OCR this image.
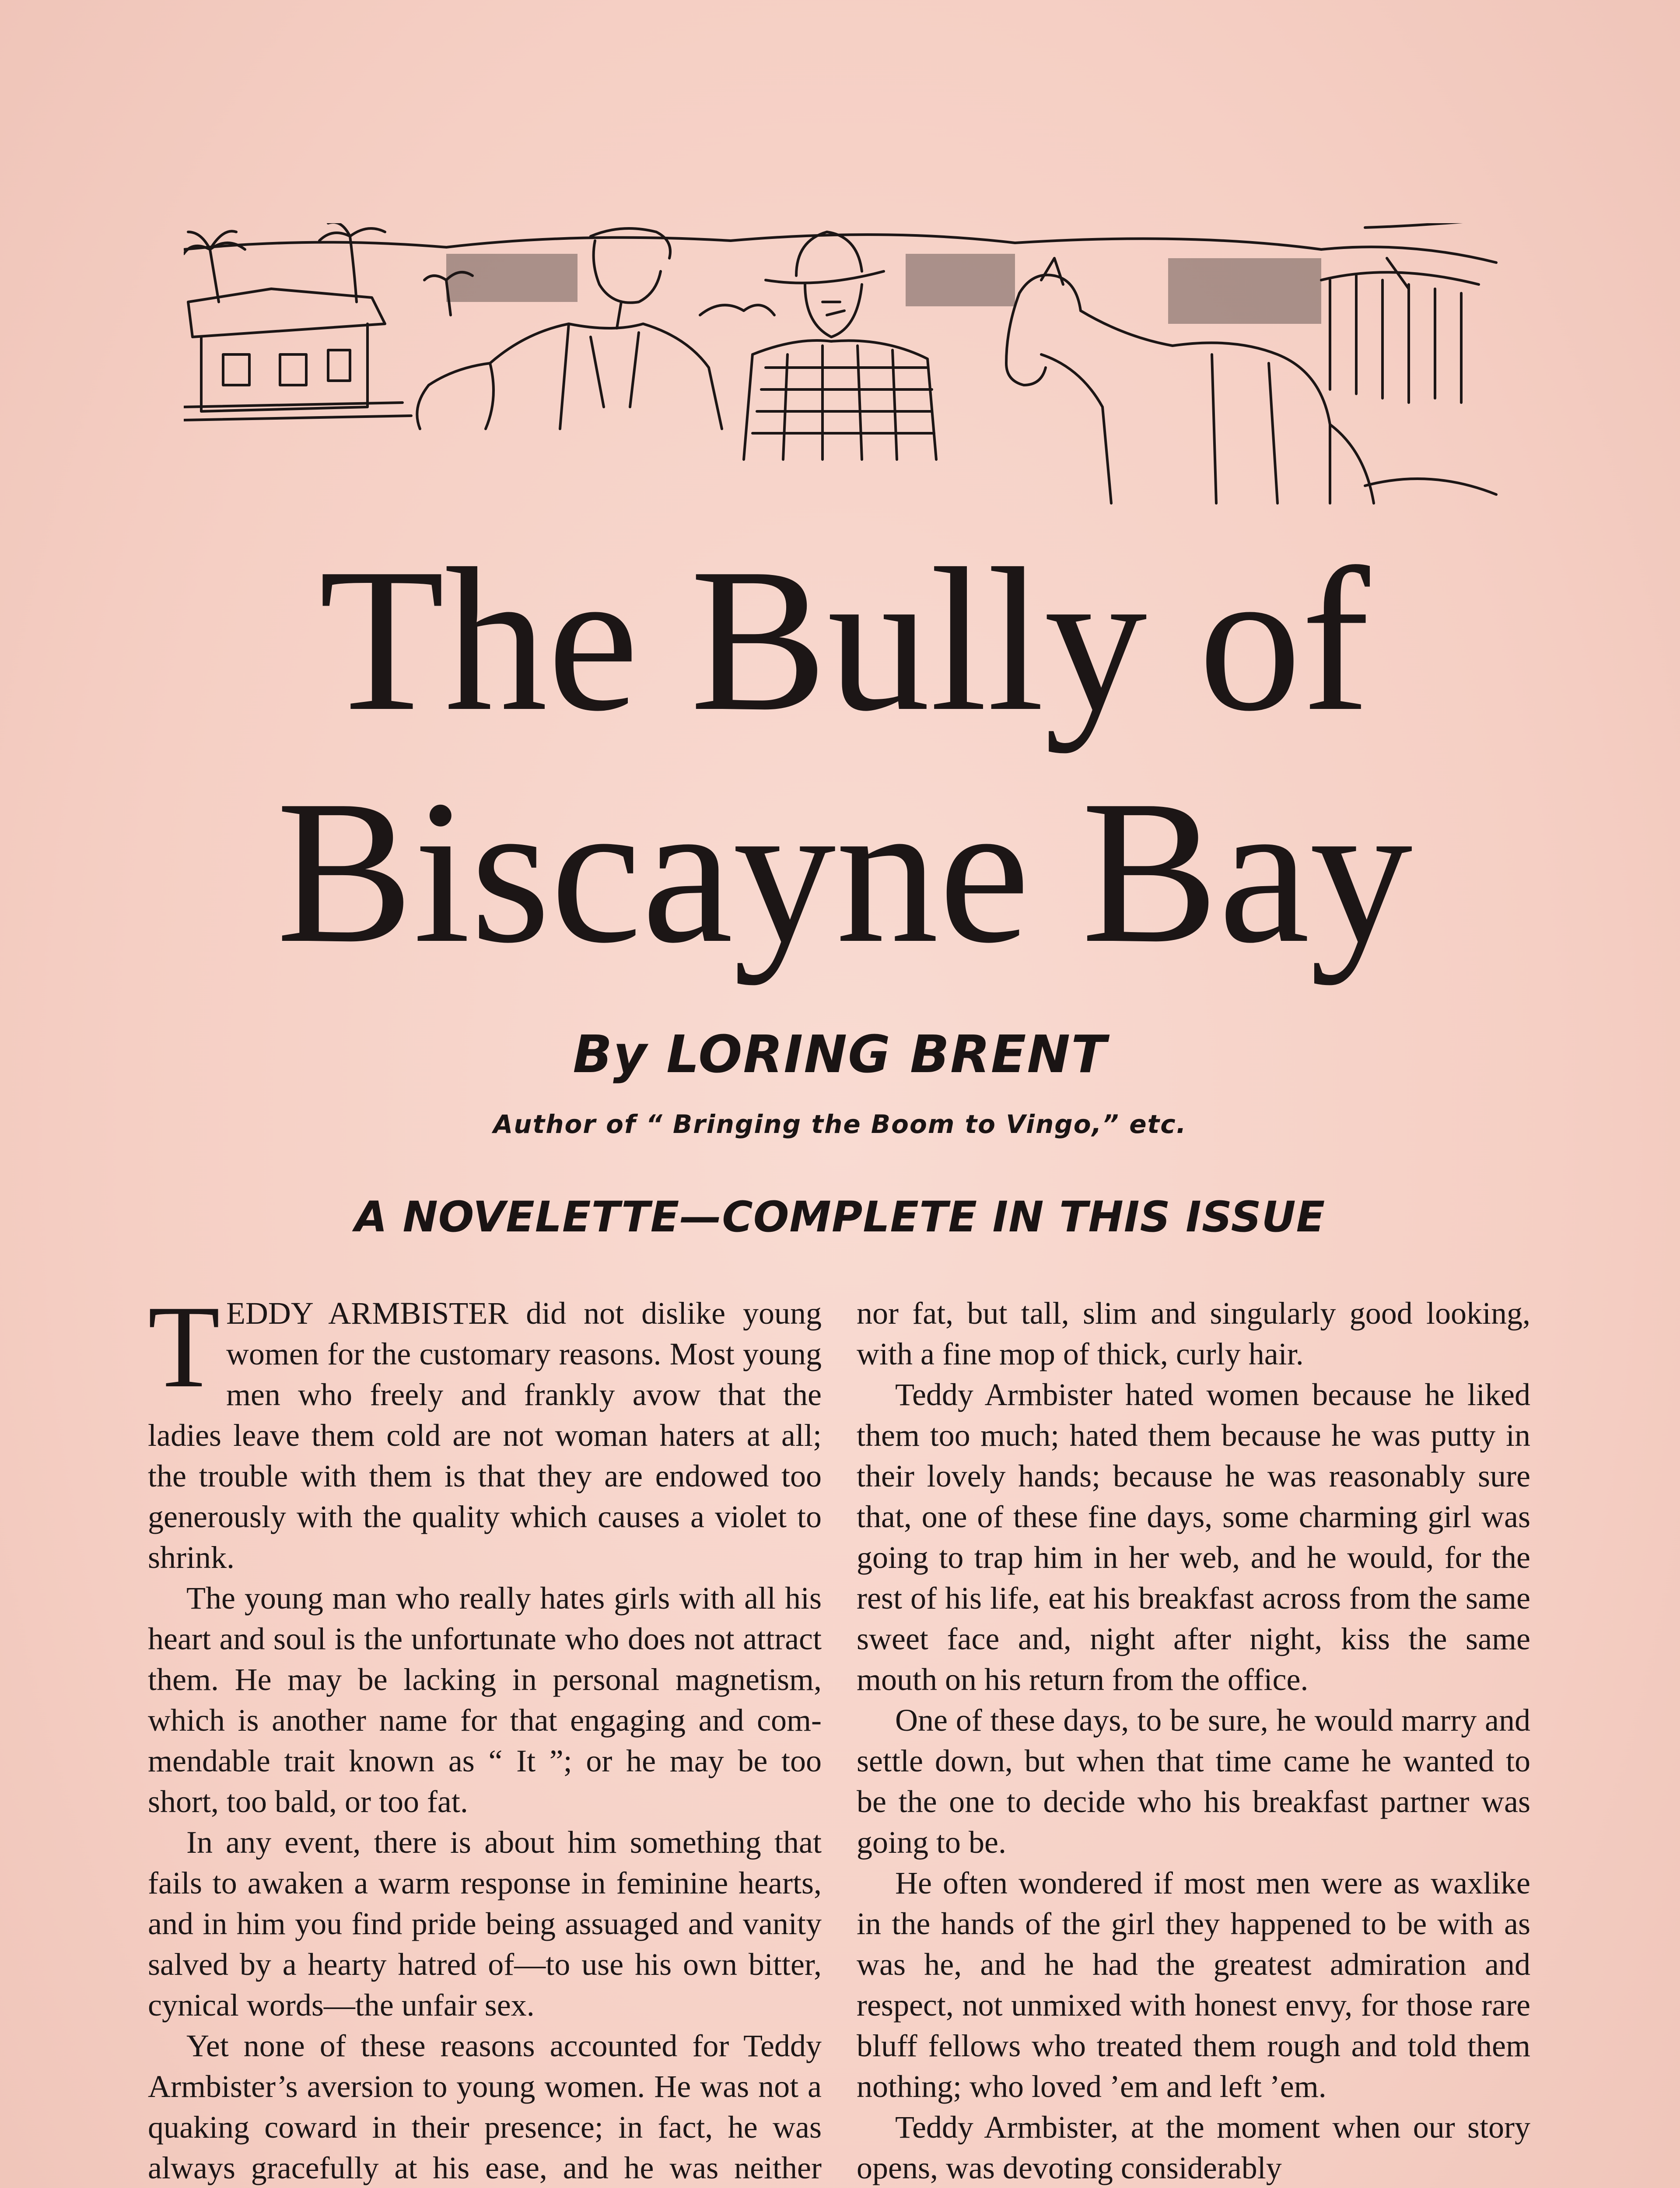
The Bully of
Biscayne Bay
By LORING BRENT
Author of “ Bringing the Boom to Vingo,” etc.
A NOVELETTE—COMPLETE IN THIS ISSUE

TEDDY ARMBISTER did not dislike young women for the customary reasons. Most young men who freely and frankly avow that the ladies leave them cold are not woman haters at all; the trouble with them is that they are endowed too generously with the quality which causes a violet to shrink.

The young man who really hates girls with all his heart and soul is the unfortunate who does not attract them. He may be lacking in personal magnetism, which is another name for that engaging and commendable trait known as “ It ”; or he may be too short, too bald, or too fat.

In any event, there is about him something that fails to awaken a warm response in feminine hearts, and in him you find pride being assuaged and vanity salved by a hearty hatred of—to use his own bitter, cynical words—the unfair sex.

Yet none of these reasons accounted for Teddy Armbister’s aversion to young women. He was not a quaking coward in their presence; in fact, he was always gracefully at his ease, and he was neither

nor fat, but tall, slim and singularly good looking, with a fine mop of thick, curly hair.

Teddy Armbister hated women because he liked them too much; hated them because he was putty in their lovely hands; because he was reasonably sure that, one of these fine days, some charming girl was going to trap him in her web, and he would, for the rest of his life, eat his breakfast across from the same sweet face and, night after night, kiss the same mouth on his return from the office.

One of these days, to be sure, he would marry and settle down, but when that time came he wanted to be the one to decide who his breakfast partner was going to be.

He often wondered if most men were as waxlike in the hands of the girl they happened to be with as was he, and he had the greatest admiration and respect, not unmixed with honest envy, for those rare bluff fellows who treated them rough and told them nothing; who loved ’em and left ’em.

Teddy Armbister, at the moment when our story opens, was devoting considerably
